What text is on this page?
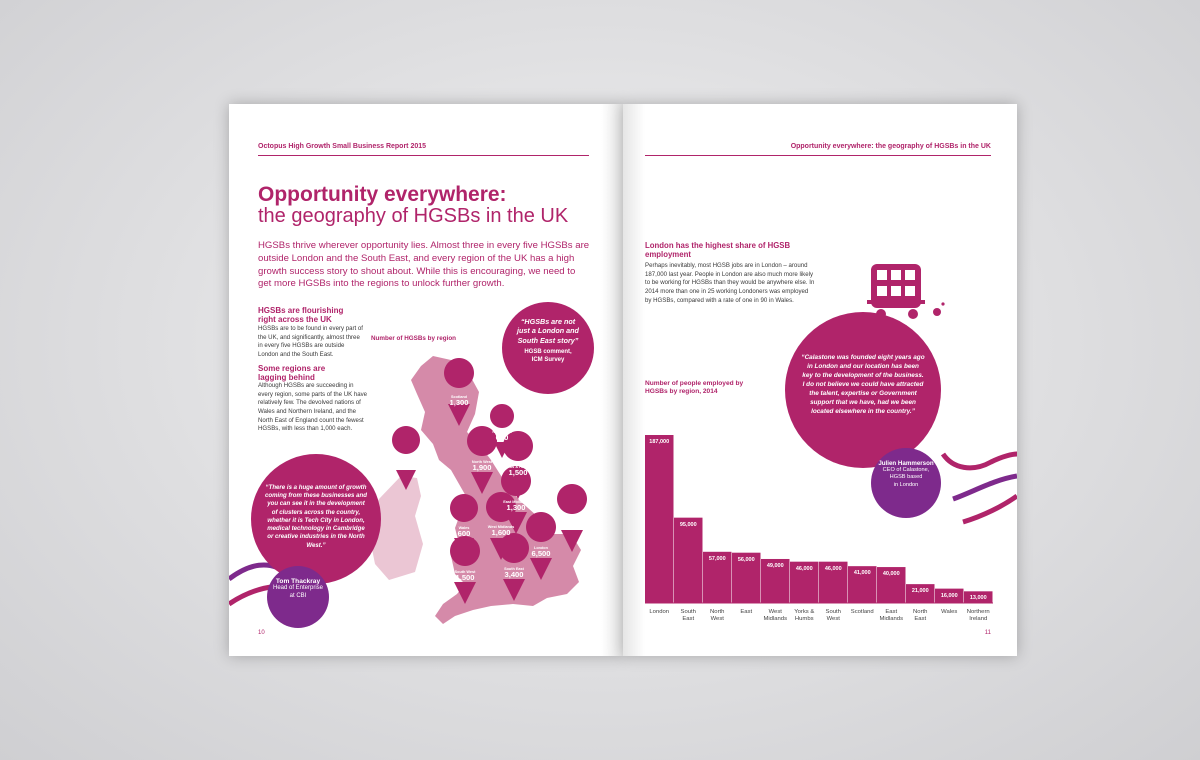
Octopus High Growth Small Business Report 2015
Opportunity everywhere:
the geography of HGSBs in the UK

HGSBs thrive wherever opportunity lies. Almost three in every five HGSBs are outside London and the South East, and every region of the UK has a high growth success story to shout about. While this is encouraging, we need to get more HGSBs into the regions to unlock further growth.

HGSBs are flourishing right across the UK

HGSBs are to be found in every part of the UK, and significantly, almost three in every five HGSBs are outside London and the South East.

Some regions are lagging behind

Although HGSBs are succeeding in every region, some parts of the UK have relatively few. The devolved nations of Wales and Northern Ireland, and the North East of England count the fewest HGSBs, with less than 1,000 each.

Number of HGSBs by region
Scotland
1,300
North East
600
Northern Ireland
400	North West
1,900	Yorks & Humbs
1,500
East Midlands
1,300
East
1,900
Wales
600
West Midlands
1,600
London
6,500
South West
1,500
South East
3,400
“HGSBs are not just a London and South East story”
HGSB comment,
ICM Survey
“There is a huge amount of growth coming from these businesses and you can see it in the development of clusters across the country, whether it is Tech City in London, medical technology in Cambridge or creative industries in the North West.”
Tom Thackray
Head of Enterprise
at CBI
10
Opportunity everywhere: the geography of HGSBs in the UK

London has the highest share of HGSB employment

Perhaps inevitably, most HGSB jobs are in London – around 187,000 last year. People in London are also much more likely to be working for HGSBs than they would be anywhere else. In 2014 more than one in 25 working Londoners was employed by HGSBs, compared with a rate of one in 90 in Wales.

“Calastone was founded eight years ago in London and our location has been key to the development of the business. I do not believe we could have attracted the talent, expertise or Government support that we have, had we been located elsewhere in the country.”
Julien Hammerson
CEO of Calastone,
HGSB based
in London

Number of people employed by HGSBs by region, 2014

187,000
London
95,000
South
East
57,000
North
West
56,000
East
49,000
West
Midlands
46,000
Yorks &
Humbs
46,000
South
West
41,000
Scotland
40,000
East
Midlands
21,000
North
East
16,000
Wales
13,000
Northern
Ireland
11
